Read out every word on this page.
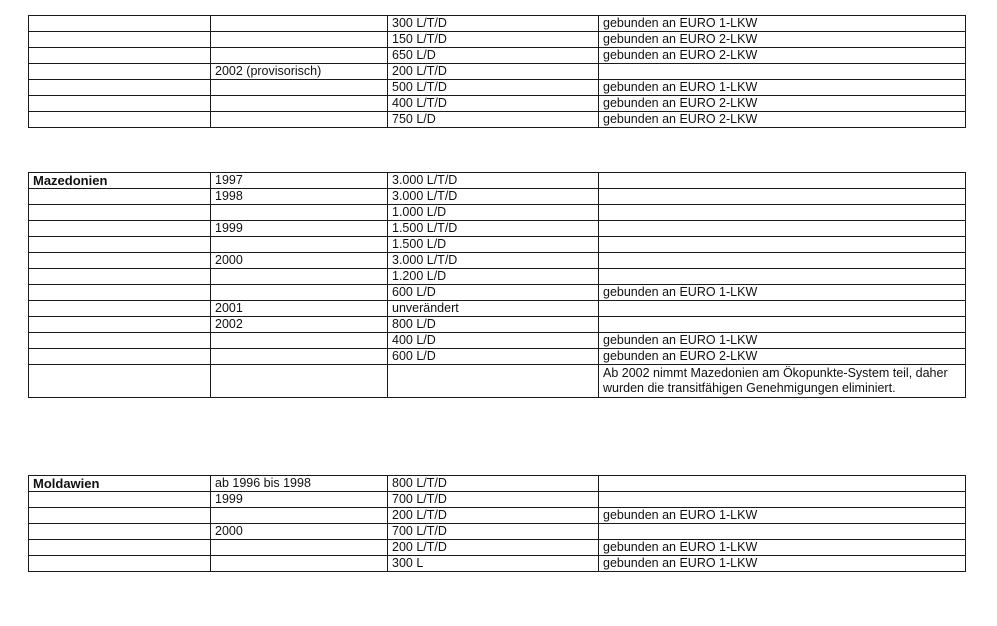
		300 L/T/D	gebunden an EURO 1-LKW
		150 L/T/D	gebunden an EURO 2-LKW
		650 L/D	gebunden an EURO 2-LKW
	2002 (provisorisch)	200 L/T/D	
		500 L/T/D	gebunden an EURO 1-LKW
		400 L/T/D	gebunden an EURO 2-LKW
		750 L/D	gebunden an EURO 2-LKW
Mazedonien	1997	3.000 L/T/D	
	1998	3.000 L/T/D	
		1.000 L/D	
	1999	1.500 L/T/D	
		1.500 L/D	
	2000	3.000 L/T/D	
		1.200 L/D	
		600 L/D	gebunden an EURO 1-LKW
	2001	unverändert	
	2002	800 L/D	
		400 L/D	gebunden an EURO 1-LKW
		600 L/D	gebunden an EURO 2-LKW
			Ab 2002 nimmt Mazedonien am Ökopunkte-System teil, daher wurden die transitfähigen Genehmigungen eliminiert.
Moldawien	ab 1996 bis 1998	800 L/T/D	
	1999	700 L/T/D	
		200 L/T/D	gebunden an EURO 1-LKW
	2000	700 L/T/D	
		200 L/T/D	gebunden an EURO 1-LKW
		300 L	gebunden an EURO 1-LKW
